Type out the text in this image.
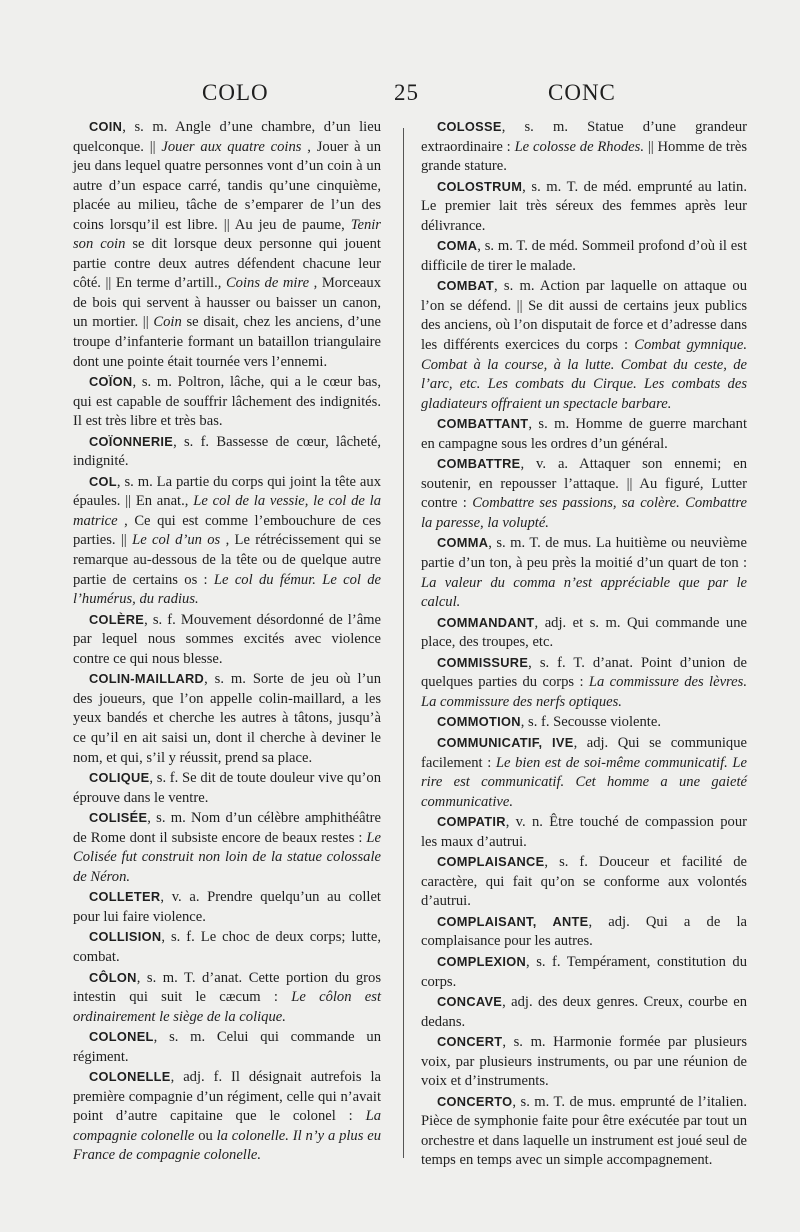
COLO	25	CONC

COIN, s. m. Angle d’une chambre, d’un lieu quelconque. || Jouer aux quatre coins , Jouer à un jeu dans lequel quatre personnes vont d’un coin à un autre d’un espace carré, tandis qu’une cinquième, placée au milieu, tâche de s’emparer de l’un des coins lorsqu’il est libre. || Au jeu de paume, Tenir son coin se dit lorsque deux personne qui jouent partie contre deux autres défendent chacune leur côté. || En terme d’artill., Coins de mire , Morceaux de bois qui servent à hausser ou baisser un canon, un mortier. || Coin se disait, chez les anciens, d’une troupe d’infanterie formant un bataillon triangulaire dont une pointe était tournée vers l’ennemi.

COÏON, s. m. Poltron, lâche, qui a le cœur bas, qui est capable de souffrir lâchement des indignités. Il est très libre et très bas.

COÏONNERIE, s. f. Bassesse de cœur, lâcheté, indignité.

COL, s. m. La partie du corps qui joint la tête aux épaules. || En anat., Le col de la vessie, le col de la matrice , Ce qui est comme l’embouchure de ces parties. || Le col d’un os , Le rétrécissement qui se remarque au-dessous de la tête ou de quelque autre partie de certains os : Le col du fémur. Le col de l’humérus, du radius.

COLÈRE, s. f. Mouvement désordonné de l’âme par lequel nous sommes excités avec violence contre ce qui nous blesse.

COLIN-MAILLARD, s. m. Sorte de jeu où l’un des joueurs, que l’on appelle colin-maillard, a les yeux bandés et cherche les autres à tâtons, jusqu’à ce qu’il en ait saisi un, dont il cherche à deviner le nom, et qui, s’il y réussit, prend sa place.

COLIQUE, s. f. Se dit de toute douleur vive qu’on éprouve dans le ventre.

COLISÉE, s. m. Nom d’un célèbre amphithéâtre de Rome dont il subsiste encore de beaux restes : Le Colisée fut construit non loin de la statue colossale de Néron.

COLLETER, v. a. Prendre quelqu’un au collet pour lui faire violence.

COLLISION, s. f. Le choc de deux corps; lutte, combat.

CÔLON, s. m. T. d’anat. Cette portion du gros intestin qui suit le cæcum : Le côlon est ordinairement le siège de la colique.

COLONEL, s. m. Celui qui commande un régiment.

COLONELLE, adj. f. Il désignait autrefois la première compagnie d’un régiment, celle qui n’avait point d’autre capitaine que le colonel : La compagnie colonelle ou la colonelle. Il n’y a plus eu France de compagnie colonelle.

COLOSSE, s. m. Statue d’une grandeur extraordinaire : Le colosse de Rhodes. || Homme de très grande stature.

COLOSTRUM, s. m. T. de méd. emprunté au latin. Le premier lait très séreux des femmes après leur délivrance.

COMA, s. m. T. de méd. Sommeil profond d’où il est difficile de tirer le malade.

COMBAT, s. m. Action par laquelle on attaque ou l’on se défend. || Se dit aussi de certains jeux publics des anciens, où l’on disputait de force et d’adresse dans les différents exercices du corps : Combat gymnique. Combat à la course, à la lutte. Combat du ceste, de l’arc, etc. Les combats du Cirque. Les combats des gladiateurs offraient un spectacle barbare.

COMBATTANT, s. m. Homme de guerre marchant en campagne sous les ordres d’un général.

COMBATTRE, v. a. Attaquer son ennemi; en soutenir, en repousser l’attaque. || Au figuré, Lutter contre : Combattre ses passions, sa colère. Combattre la paresse, la volupté.

COMMA, s. m. T. de mus. La huitième ou neuvième partie d’un ton, à peu près la moitié d’un quart de ton : La valeur du comma n’est appréciable que par le calcul.

COMMANDANT, adj. et s. m. Qui commande une place, des troupes, etc.

COMMISSURE, s. f. T. d’anat. Point d’union de quelques parties du corps : La commissure des lèvres. La commissure des nerfs optiques.

COMMOTION, s. f. Secousse violente.

COMMUNICATIF, IVE, adj. Qui se communique facilement : Le bien est de soi-même communicatif. Le rire est communicatif. Cet homme a une gaieté communicative.

COMPATIR, v. n. Être touché de compassion pour les maux d’autrui.

COMPLAISANCE, s. f. Douceur et facilité de caractère, qui fait qu’on se conforme aux volontés d’autrui.

COMPLAISANT, ANTE, adj. Qui a de la complaisance pour les autres.

COMPLEXION, s. f. Tempérament, constitution du corps.

CONCAVE, adj. des deux genres. Creux, courbe en dedans.

CONCERT, s. m. Harmonie formée par plusieurs voix, par plusieurs instruments, ou par une réunion de voix et d’instruments.

CONCERTO, s. m. T. de mus. emprunté de l’italien. Pièce de symphonie faite pour être exécutée par tout un orchestre et dans laquelle un instrument est joué seul de temps en temps avec un simple accompagnement.
